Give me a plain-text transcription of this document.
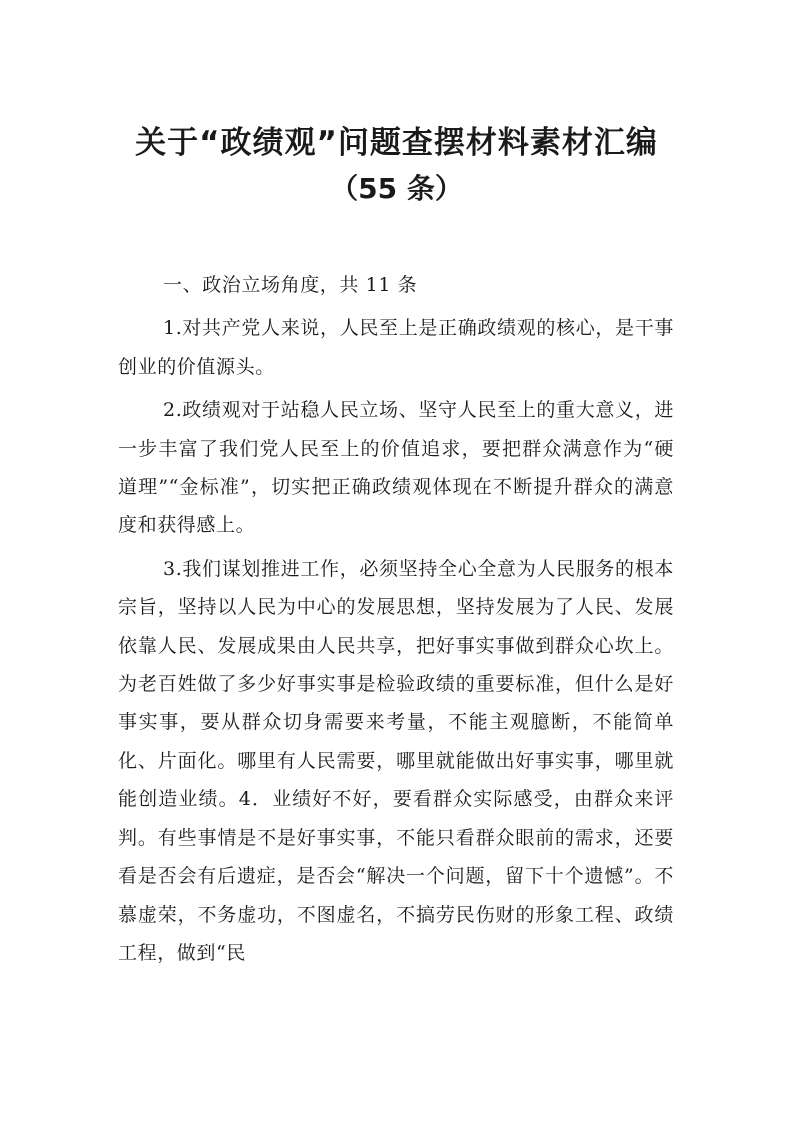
关于“政绩观”问题查摆材料素材汇编
（55 条）

一、政治立场角度，共 11 条

1.对共产党人来说，人民至上是正确政绩观的核心，是干事创业的价值源头。

2.政绩观对于站稳人民立场、坚守人民至上的重大意义，进一步丰富了我们党人民至上的价值追求，要把群众满意作为“硬道理”“金标准”，切实把正确政绩观体现在不断提升群众的满意度和获得感上。

3.我们谋划推进工作，必须坚持全心全意为人民服务的根本宗旨，坚持以人民为中心的发展思想，坚持发展为了人民、发展依靠人民、发展成果由人民共享，把好事实事做到群众心坎上。为老百姓做了多少好事实事是检验政绩的重要标准，但什么是好事实事，要从群众切身需要来考量，不能主观臆断，不能简单化、片面化。哪里有人民需要，哪里就能做出好事实事，哪里就能创造业绩。4．业绩好不好，要看群众实际感受，由群众来评判。有些事情是不是好事实事，不能只看群众眼前的需求，还要看是否会有后遗症，是否会“解决一个问题，留下十个遗憾”。不慕虚荣，不务虚功，不图虚名，不搞劳民伤财的形象工程、政绩工程，做到“民
